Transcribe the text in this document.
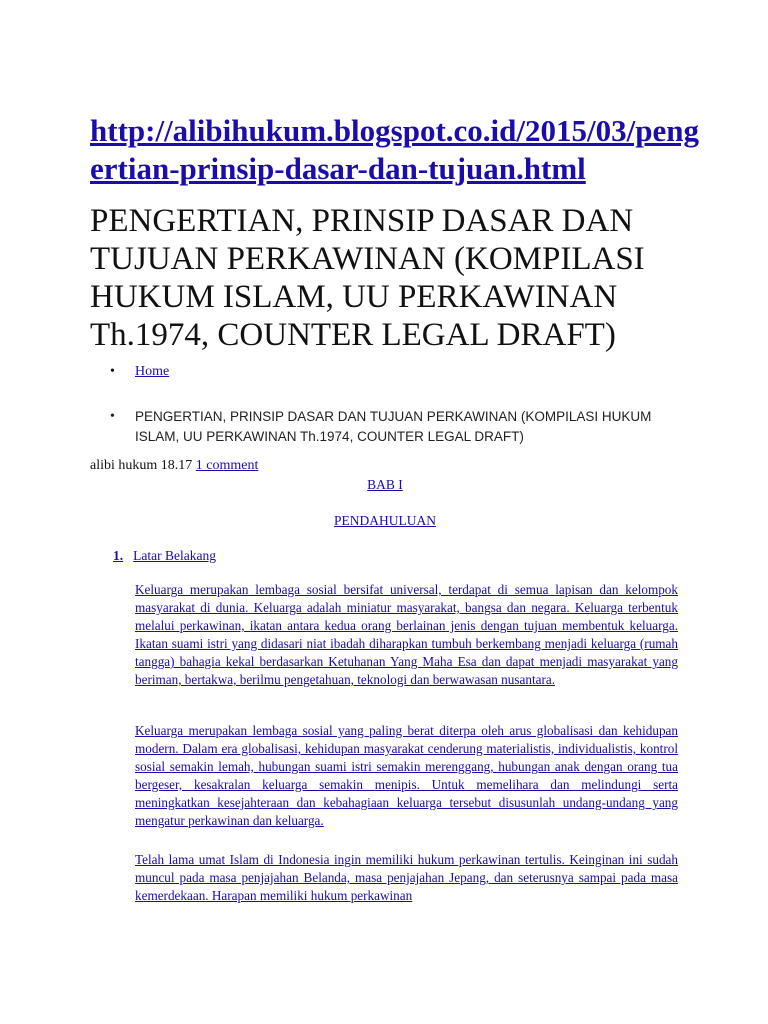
http://alibihukum.blogspot.co.id/2015/03/pengertian-prinsip-dasar-dan-tujuan.html
PENGERTIAN, PRINSIP DASAR DAN TUJUAN PERKAWINAN (KOMPILASI HUKUM ISLAM, UU PERKAWINAN Th.1974, COUNTER LEGAL DRAFT)
• Home
• PENGERTIAN, PRINSIP DASAR DAN TUJUAN PERKAWINAN (KOMPILASI HUKUM ISLAM, UU PERKAWINAN Th.1974, COUNTER LEGAL DRAFT)
alibi hukum 18.17 1 comment
BAB I
PENDAHULUAN
1. Latar Belakang

Keluarga merupakan lembaga sosial bersifat universal, terdapat di semua lapisan dan kelompok masyarakat di dunia. Keluarga adalah miniatur masyarakat, bangsa dan negara. Keluarga terbentuk melalui perkawinan, ikatan antara kedua orang berlainan jenis dengan tujuan membentuk keluarga. Ikatan suami istri yang didasari niat ibadah diharapkan tumbuh berkembang menjadi keluarga (rumah tangga) bahagia kekal berdasarkan Ketuhanan Yang Maha Esa dan dapat menjadi masyarakat yang beriman, bertakwa, berilmu pengetahuan, teknologi dan berwawasan nusantara.

Keluarga merupakan lembaga sosial yang paling berat diterpa oleh arus globalisasi dan kehidupan modern. Dalam era globalisasi, kehidupan masyarakat cenderung materialistis, individualistis, kontrol sosial semakin lemah, hubungan suami istri semakin merenggang, hubungan anak dengan orang tua bergeser, kesakralan keluarga semakin menipis. Untuk memelihara dan melindungi serta meningkatkan kesejahteraan dan kebahagiaan keluarga tersebut disusunlah undang-undang yang mengatur perkawinan dan keluarga.

Telah lama umat Islam di Indonesia ingin memiliki hukum perkawinan tertulis. Keinginan ini sudah muncul pada masa penjajahan Belanda, masa penjajahan Jepang, dan seterusnya sampai pada masa kemerdekaan. Harapan memiliki hukum perkawinan
